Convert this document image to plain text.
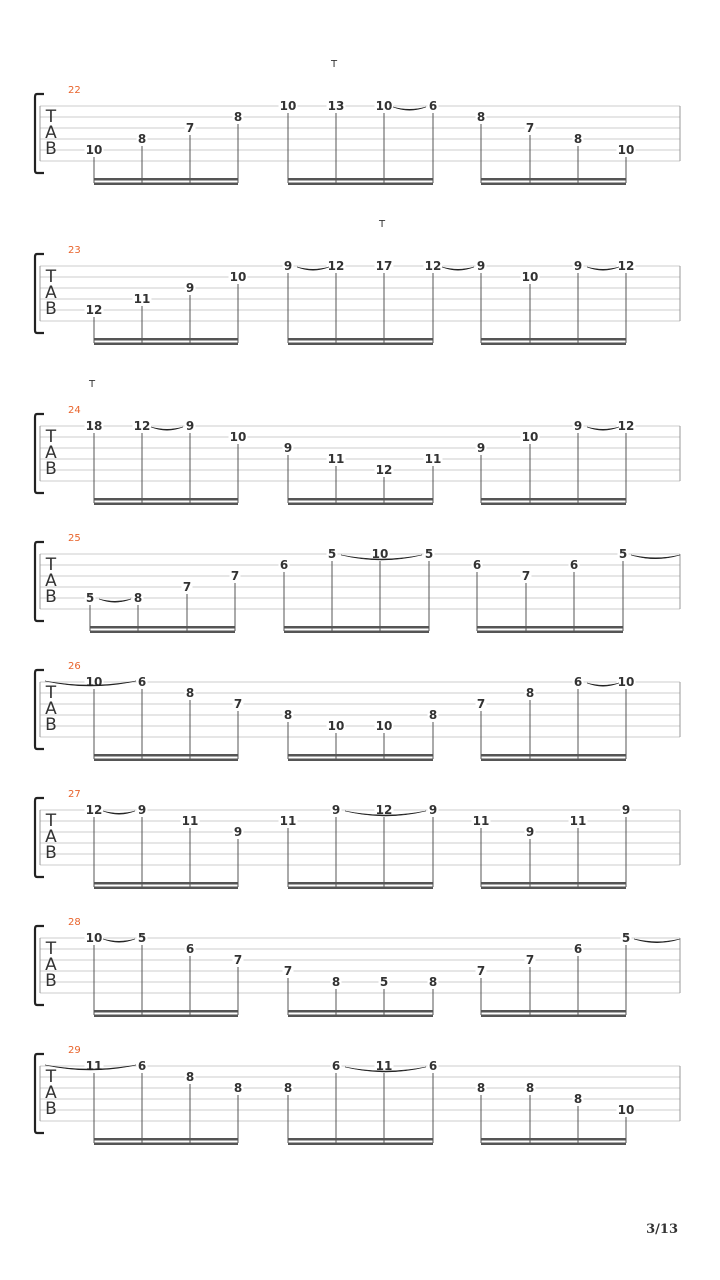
T
A
B
22
T
10
8
7
8
10	13	10	6
8
7
8
10
T
A
B
23
T
12
11
9
10
9	12	17	12	9
10
9	12
T
A
B
24
T
18	12	9
10
9
11
12
11
9
10
9	12
T
A
B
25
5	8
7
7
6
5	10	5
6
7
6
5
T
A
B
26
10	6
8
7
8
10	10
8
7
8
6	10
T
A
B
27
12	9
11
9
11
9	12	9
11
9
11
9
T
A
B
28
10	5
6
7
7
8	5	8
7
7
6
5
T
A
B
29
11	6
8
8	8
6	11	6
8	8
8
10
3/13
